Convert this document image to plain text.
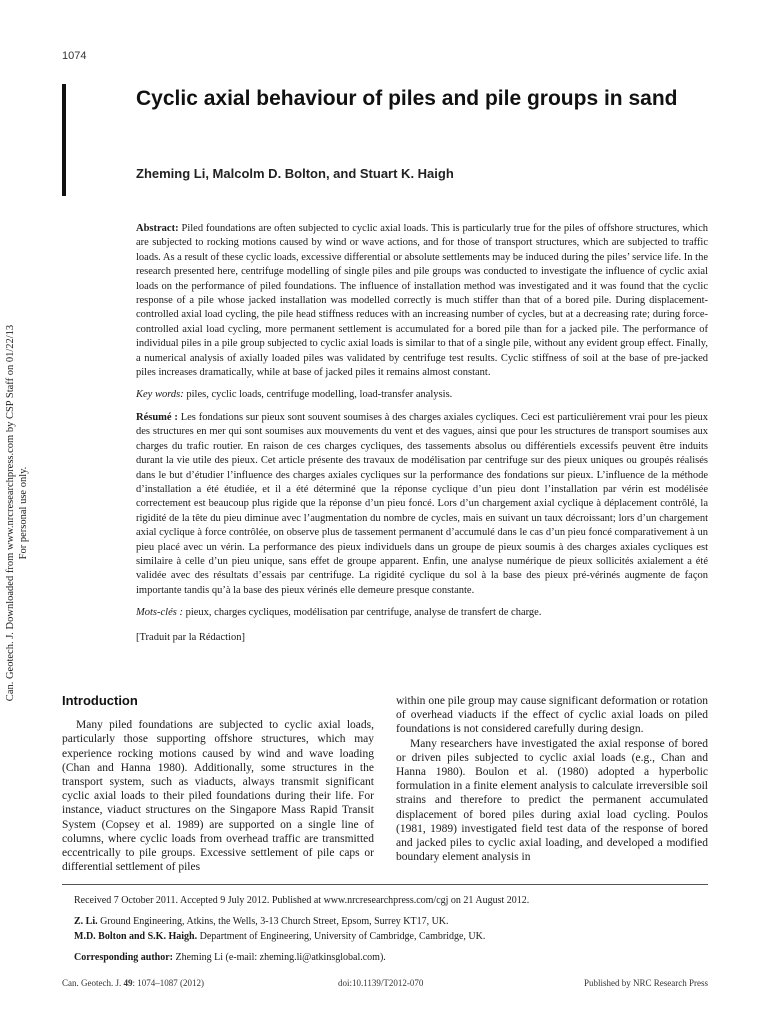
1074
Cyclic axial behaviour of piles and pile groups in sand
Zheming Li, Malcolm D. Bolton, and Stuart K. Haigh
Can. Geotech. J. Downloaded from www.nrcresearchpress.com by CSP Staff on 01/22/13 For personal use only.

Abstract: Piled foundations are often subjected to cyclic axial loads. This is particularly true for the piles of offshore structures, which are subjected to rocking motions caused by wind or wave actions, and for those of transport structures, which are subjected to traffic loads. As a result of these cyclic loads, excessive differential or absolute settlements may be induced during the piles’ service life. In the research presented here, centrifuge modelling of single piles and pile groups was conducted to investigate the influence of cyclic axial loads on the performance of piled foundations. The influence of installation method was investigated and it was found that the cyclic response of a pile whose jacked installation was modelled correctly is much stiffer than that of a bored pile. During displacement-controlled axial load cycling, the pile head stiffness reduces with an increasing number of cycles, but at a decreasing rate; during force-controlled axial load cycling, more permanent settlement is accumulated for a bored pile than for a jacked pile. The performance of individual piles in a pile group subjected to cyclic axial loads is similar to that of a single pile, without any evident group effect. Finally, a numerical analysis of axially loaded piles was validated by centrifuge test results. Cyclic stiffness of soil at the base of pre-jacked piles increases dramatically, while at base of jacked piles it remains almost constant.

Key words: piles, cyclic loads, centrifuge modelling, load-transfer analysis.

Résumé : Les fondations sur pieux sont souvent soumises à des charges axiales cycliques. Ceci est particulièrement vrai pour les pieux des structures en mer qui sont soumises aux mouvements du vent et des vagues, ainsi que pour les structures de transport soumises aux charges du trafic routier. En raison de ces charges cycliques, des tassements absolus ou différentiels excessifs peuvent être induits durant la vie utile des pieux. Cet article présente des travaux de modélisation par centrifuge sur des pieux uniques ou groupés réalisés dans le but d’étudier l’influence des charges axiales cycliques sur la performance des fondations sur pieux. L’influence de la méthode d’installation a été étudiée, et il a été déterminé que la réponse cyclique d’un pieu dont l’installation par vérin est modélisée correctement est beaucoup plus rigide que la réponse d’un pieu foncé. Lors d’un chargement axial cyclique à déplacement contrôlé, la rigidité de la tête du pieu diminue avec l’augmentation du nombre de cycles, mais en suivant un taux décroissant; lors d’un chargement axial cyclique à force contrôlée, on observe plus de tassement permanent d’accumulé dans le cas d’un pieu foncé comparativement à un pieu placé avec un vérin. La performance des pieux individuels dans un groupe de pieux soumis à des charges axiales cycliques est similaire à celle d’un pieu unique, sans effet de groupe apparent. Enfin, une analyse numérique de pieux sollicités axialement a été validée avec des résultats d’essais par centrifuge. La rigidité cyclique du sol à la base des pieux pré-vérinés augmente de façon importante tandis qu’à la base des pieux vérinés elle demeure presque constante.

Mots-clés : pieux, charges cycliques, modélisation par centrifuge, analyse de transfert de charge.

[Traduit par la Rédaction]

Introduction

Many piled foundations are subjected to cyclic axial loads, particularly those supporting offshore structures, which may experience rocking motions caused by wind and wave loading (Chan and Hanna 1980). Additionally, some structures in the transport system, such as viaducts, always transmit significant cyclic axial loads to their piled foundations during their life. For instance, viaduct structures on the Singapore Mass Rapid Transit System (Copsey et al. 1989) are supported on a single line of columns, where cyclic loads from overhead traffic are transmitted eccentrically to pile groups. Excessive settlement of pile caps or differential settlement of piles

within one pile group may cause significant deformation or rotation of overhead viaducts if the effect of cyclic axial loads on piled foundations is not considered carefully during design.

Many researchers have investigated the axial response of bored or driven piles subjected to cyclic axial loads (e.g., Chan and Hanna 1980). Boulon et al. (1980) adopted a hyperbolic formulation in a finite element analysis to calculate irreversible soil strains and therefore to predict the permanent accumulated displacement of bored piles during axial load cycling. Poulos (1981, 1989) investigated field test data of the response of bored and jacked piles to cyclic axial loading, and developed a modified boundary element analysis in

Received 7 October 2011. Accepted 9 July 2012. Published at www.nrcresearchpress.com/cgj on 21 August 2012.

Z. Li. Ground Engineering, Atkins, the Wells, 3-13 Church Street, Epsom, Surrey KT17, UK.

M.D. Bolton and S.K. Haigh. Department of Engineering, University of Cambridge, Cambridge, UK.

Corresponding author: Zheming Li (e-mail: zheming.li@atkinsglobal.com).

Can. Geotech. J. 49: 1074–1087 (2012)	doi:10.1139/T2012-070	Published by NRC Research Press
